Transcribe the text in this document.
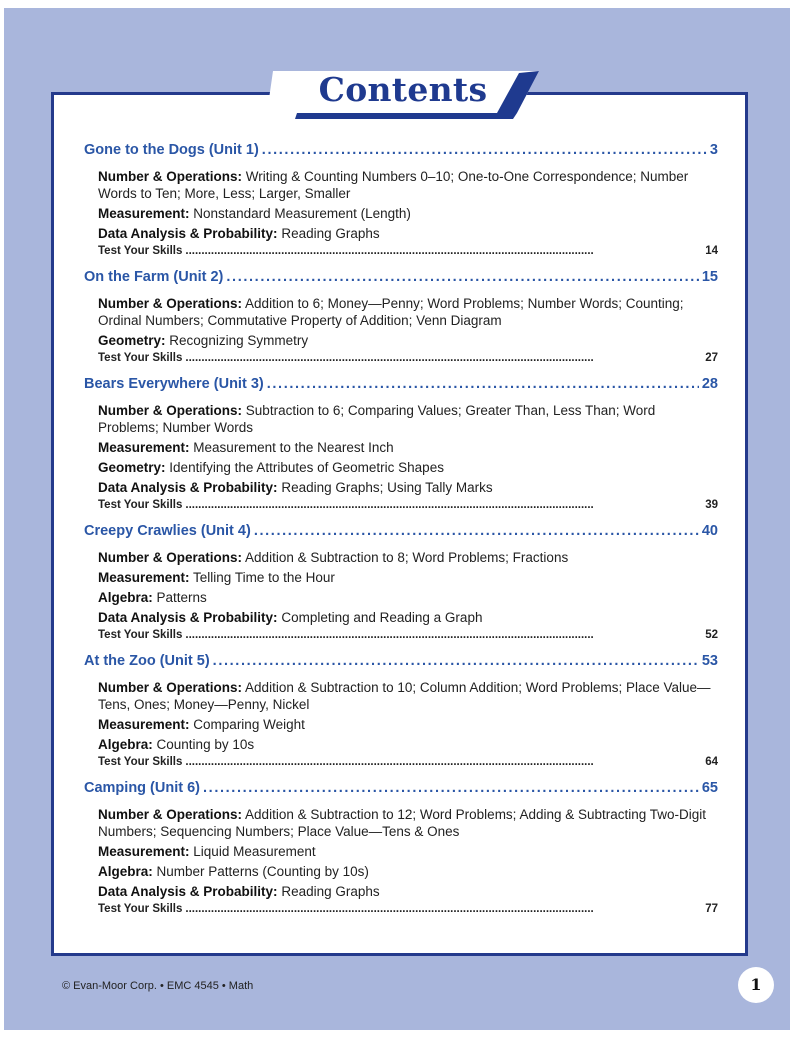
Contents
Gone to the Dogs (Unit 1) . . .	3
Number & Operations: Writing & Counting Numbers 0–10; One-to-One Correspondence; Number Words to Ten; More, Less; Larger, Smaller
Measurement: Nonstandard Measurement (Length)
Data Analysis & Probability: Reading Graphs
Test Your Skills . . .	14
On the Farm (Unit 2) . . .	15
Number & Operations: Addition to 6; Money—Penny; Word Problems; Number Words; Counting; Ordinal Numbers; Commutative Property of Addition; Venn Diagram
Geometry: Recognizing Symmetry
Test Your Skills . . .	27
Bears Everywhere (Unit 3) . . .	28
Number & Operations: Subtraction to 6; Comparing Values; Greater Than, Less Than; Word Problems; Number Words
Measurement: Measurement to the Nearest Inch
Geometry: Identifying the Attributes of Geometric Shapes
Data Analysis & Probability: Reading Graphs; Using Tally Marks
Test Your Skills . . .	39
Creepy Crawlies (Unit 4) . . .	40
Number & Operations: Addition & Subtraction to 8; Word Problems; Fractions
Measurement: Telling Time to the Hour
Algebra: Patterns
Data Analysis & Probability: Completing and Reading a Graph
Test Your Skills . . .	52
At the Zoo (Unit 5) . . .	53
Number & Operations: Addition & Subtraction to 10; Column Addition; Word Problems; Place Value—Tens, Ones; Money—Penny, Nickel
Measurement: Comparing Weight
Algebra: Counting by 10s
Test Your Skills . . .	64
Camping (Unit 6) . . .	65
Number & Operations: Addition & Subtraction to 12; Word Problems; Adding & Subtracting Two-Digit Numbers; Sequencing Numbers; Place Value—Tens & Ones
Measurement: Liquid Measurement
Algebra: Number Patterns (Counting by 10s)
Data Analysis & Probability: Reading Graphs
Test Your Skills . . .	77
© Evan-Moor Corp. • EMC 4545 • Math	1
